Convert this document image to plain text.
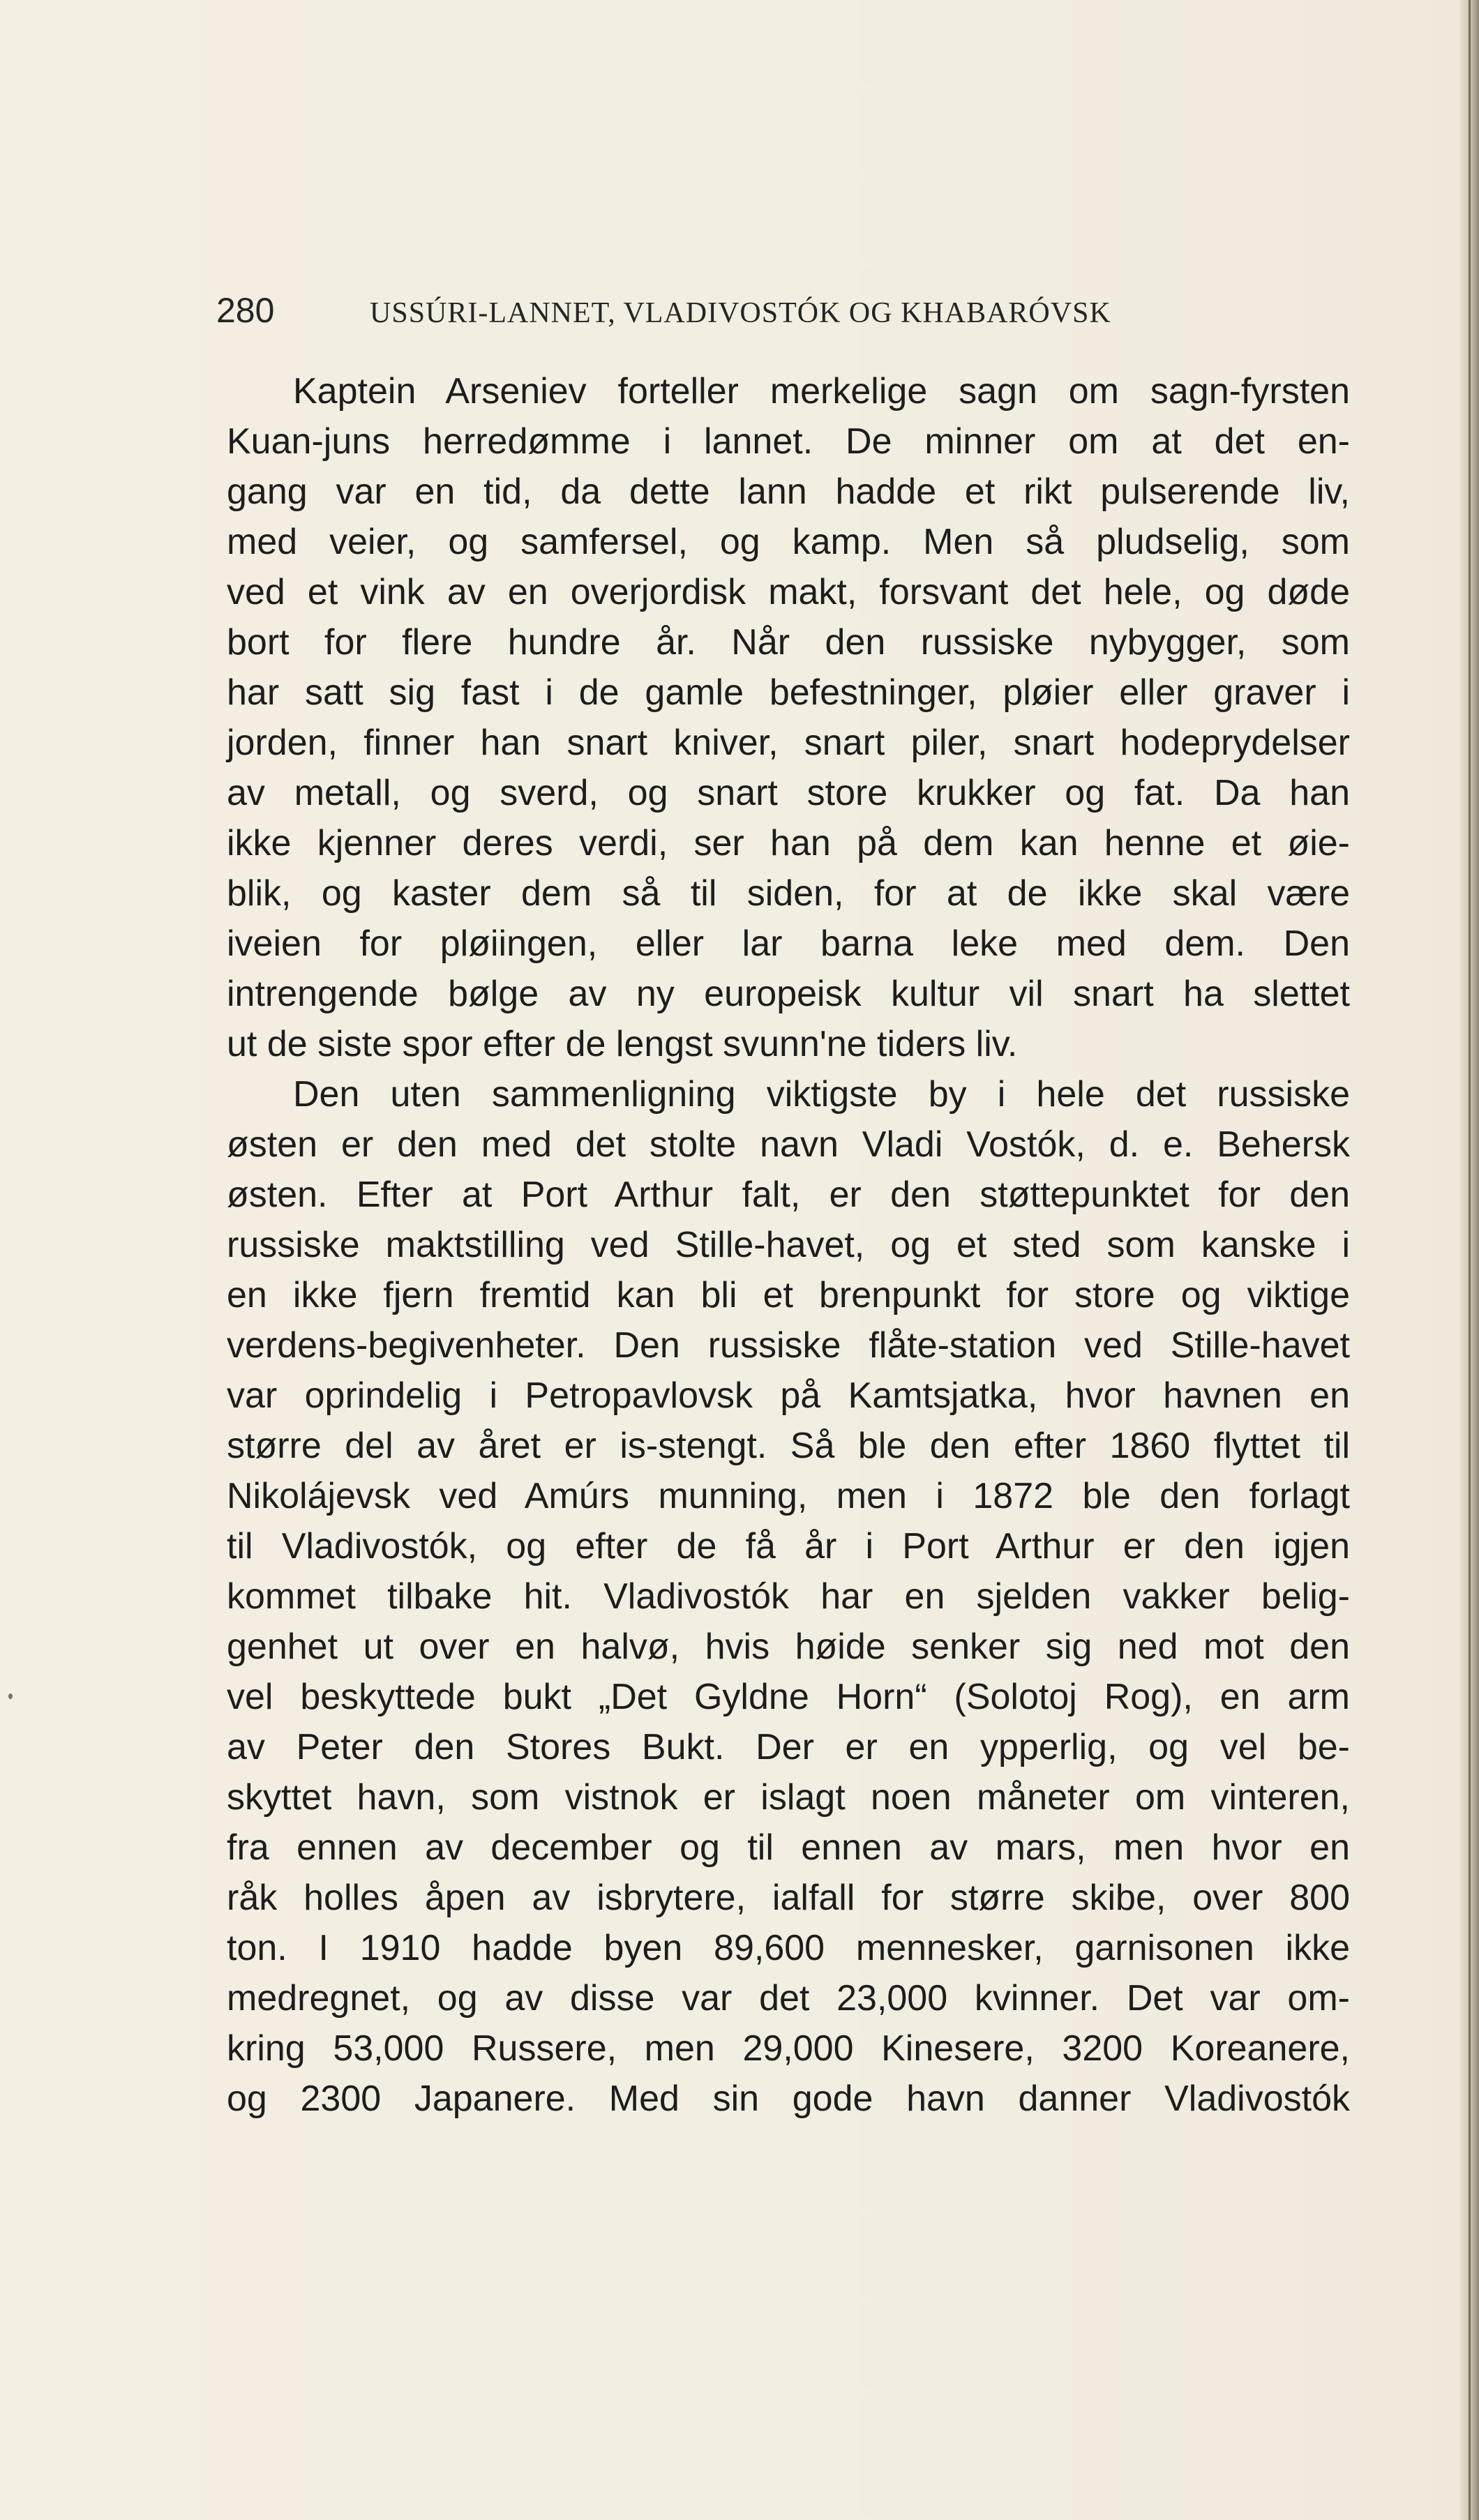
280	USSÚRI-LANNET, VLADIVOSTÓK OG KHABARÓVSK
Kaptein Arseniev forteller merkelige sagn om sagn-fyrsten
Kuan-juns herredømme i lannet. De minner om at det en-
gang var en tid, da dette lann hadde et rikt pulserende liv,
med veier, og samfersel, og kamp. Men så pludselig, som
ved et vink av en overjordisk makt, forsvant det hele, og døde
bort for flere hundre år. Når den russiske nybygger, som
har satt sig fast i de gamle befestninger, pløier eller graver i
jorden, finner han snart kniver, snart piler, snart hodeprydelser
av metall, og sverd, og snart store krukker og fat. Da han
ikke kjenner deres verdi, ser han på dem kan henne et øie-
blik, og kaster dem så til siden, for at de ikke skal være
iveien for pløiingen, eller lar barna leke med dem. Den
intrengende bølge av ny europeisk kultur vil snart ha slettet
ut de siste spor efter de lengst svunn'ne tiders liv.
Den uten sammenligning viktigste by i hele det russiske
østen er den med det stolte navn Vladi Vostók, d. e. Behersk
østen. Efter at Port Arthur falt, er den støttepunktet for den
russiske maktstilling ved Stille-havet, og et sted som kanske i
en ikke fjern fremtid kan bli et brenpunkt for store og viktige
verdens-begivenheter. Den russiske flåte-station ved Stille-havet
var oprindelig i Petropavlovsk på Kamtsjatka, hvor havnen en
større del av året er is-stengt. Så ble den efter 1860 flyttet til
Nikolájevsk ved Amúrs munning, men i 1872 ble den forlagt
til Vladivostók, og efter de få år i Port Arthur er den igjen
kommet tilbake hit. Vladivostók har en sjelden vakker belig-
genhet ut over en halvø, hvis høide senker sig ned mot den
vel beskyttede bukt „Det Gyldne Horn“ (Solotoj Rog), en arm
av Peter den Stores Bukt. Der er en ypperlig, og vel be-
skyttet havn, som vistnok er islagt noen måneter om vinteren,
fra ennen av december og til ennen av mars, men hvor en
råk holles åpen av isbrytere, ialfall for større skibe, over 800
ton. I 1910 hadde byen 89,600 mennesker, garnisonen ikke
medregnet, og av disse var det 23,000 kvinner. Det var om-
kring 53,000 Russere, men 29,000 Kinesere, 3200 Koreanere,
og 2300 Japanere. Med sin gode havn danner Vladivostók
